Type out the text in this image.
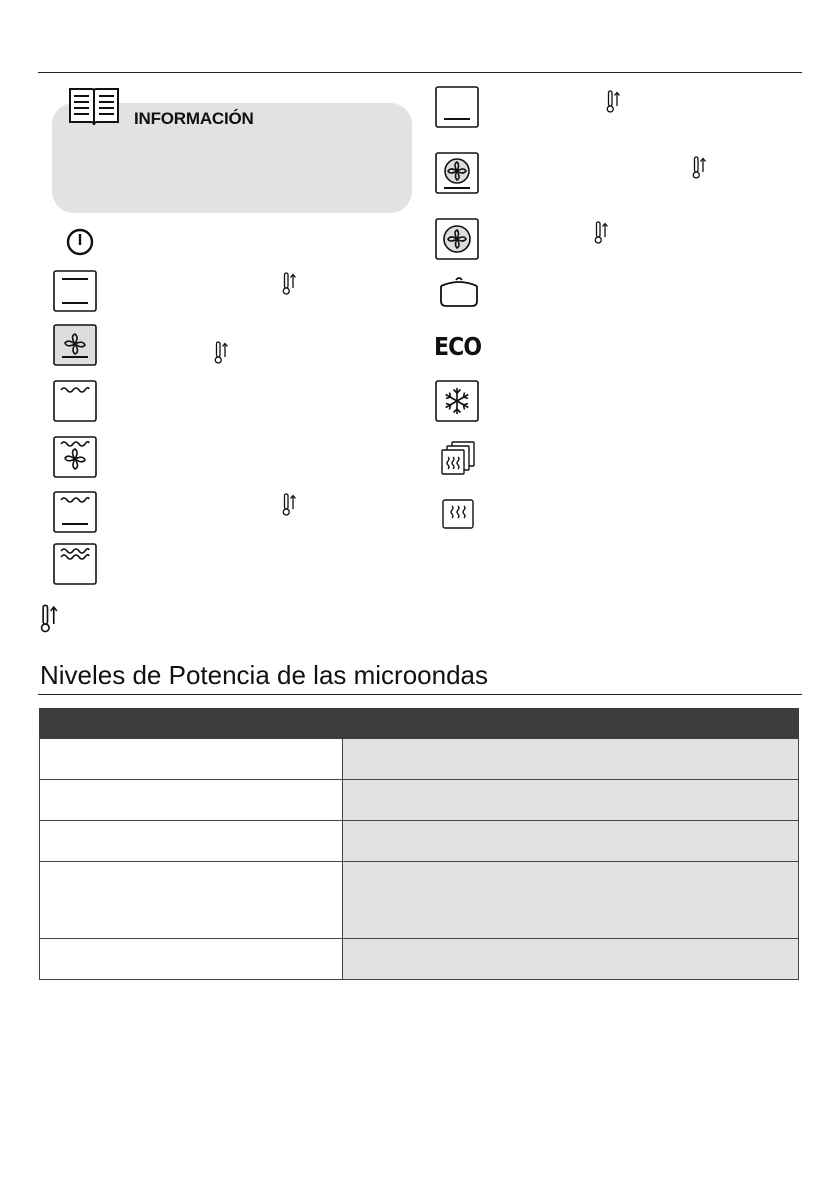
INFORMACIÓN
ECO
Niveles de Potencia de las microondas
